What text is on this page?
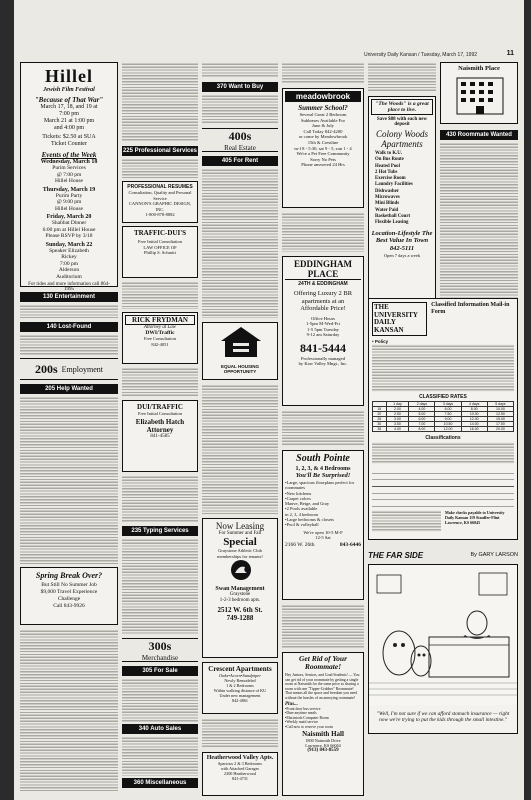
University Daily Kansan / Tuesday, March 17, 1992	11
Hillel
Jewish Film Festival
"Because of That War"
March 17, 18, and 19 at
7:00 pm
March 21 at 1:00 pm
and 4:00 pm
Tickets: $2.50 at SUA
Ticket Counter
Events of the Week
Wednesday, March 18
Purim Services
@ 7:00 pm
Hillel House
Thursday, March 19
Purim Party
@ 9:00 pm
Hillel House
Friday, March 20
Shabbat Dinner
6:00 pm at Hillel House
Please RSVP by 3/18
Sunday, March 22
Speaker Elizabeth
Rickey
7:00 pm
Alderson
Auditorium
For rides and more information call 864-1995
130 Entertainment
140 Lost-Found
200s Employment
205 Help Wanted
Spring Break Over?
But Still No Summer Job
$9,000 Travel Experience
Challenge
Call 843-9926
225 Professional Services
PROFESSIONAL RESUMES
Consultation, Quality and Personal Service
CANNON'S GRAPHIC DESIGN, INC.
1-800-878-8882
TRAFFIC-DUI'S
Free Initial Consultation
LAW OFFICE OF
Phillip S. Schmitt
RICK FRYDMAN
Attorney at Law
DWI/Traffic
Free Consultation
842-4051
DUI/TRAFFIC
Free Initial Consultation
Elizabeth Hatch
Attorney
841-4585
235 Typing Services
300s
Merchandise
305 For Sale
340 Auto Sales
360 Miscellaneous
370 Want to Buy
400s
Real Estate
405 For Rent
EQUAL HOUSING OPPORTUNITY
Now Leasing
For Summer and Fall
Special
Graystone Athletic Club
memberships for tenants!
Swan Management
Graystone
1-2-3 bedroom apts.
2512 W. 6th St.
749-1288
Crescent Apartments
Oaks•Acorn•Sandpiper
Newly Remodeled
1 & 2 Bedrooms
Within walking distance of KU
Under new management
842-4861
Heatherwood Valley Apts.
Spacious 2 & 3 Bedrooms
with Attached Garages
2300 Heatherwood
841-4731
meadowbrook
Summer School?
Several Great 2 Bedroom
Subleases Available For
June & July
Call Today 842-4200
or come by Meadowbrook
15th & Crestline
m-f 8 - 5:30, sat 9 - 5, sun 1 - 4
We're a Pet Free Community
Sorry No Pets
Phone answered 24 Hrs
EDDINGHAM PLACE
24TH & EDDINGHAM
Offering Luxury 2 BR
apartments at an
Affordable Price!
Office Hours
1-5pm M-Wed-Fri
1-5 5pm Tuesday
9-12 am Saturday
841-5444
Professionally managed
by Kaw Valley Mngt., Inc.
South Pointe
1, 2, 3, & 4 Bedrooms
You'll Be Surprised!
•Large, spacious floorplans perfect for roommates
•New kitchens
•Carpet colors
Mauve, Beige, and Gray
•2 Pools available
in 2, 3, 4 bedroom
•Large bedrooms & closets
•Pool & volleyball
We're open 10-5 M-F
12-5 Sat
2166 W. 26th	843-6446
Get Rid of Your Roommate!
Hey Juniors, Seniors, and Grad Students! — You can get rid of your roommate by getting a single room at Naismith for the same price as sharing a room with one "Tipper-Grabber" Roommate! That means all the space and freedom you need without the hassles of an annoying roommate!
Plus...
•Front door bus service
•Dine anytime meals
•Macintosh Computer Room
•Weekly maid service
•Call now to reserve your room
Naismith Hall
1800 Naismith Drive
Lawrence, KS 66044
(913) 843-8559
"The Woods" is a great place to live.
Save $88 with each new deposit
Colony Woods Apartments
Walk to K.U.
On Bus Route
Heated Pool
2 Hot Tubs
Exercise Room
Laundry Facilities
Dishwasher
Microwaves
Mini Blinds
Water Paid
Basketball Court
Flexible Leasing
Location-Lifestyle The Best Value In Town 842-5111
Open 7 days a week
Naismith Place
430 Roommate Wanted
THE UNIVERSITY DAILY KANSAN
Classified Information Mail-in Form
• Policy
CLASSIFIED RATES
	1 day	2 days	3 days	4 days	5 days
15	2.00	4.00	6.00	8.00	10.00
20	2.50	5.00	7.50	10.00	12.50
25	3.00	6.00	9.00	12.00	15.00
30	3.50	7.00	10.50	14.00	17.50
35	4.00	8.00	12.00	16.00	20.00
Classifications
Make checks payable to University Daily Kansan 119 Stauffer-Flint Lawrence, KS 66045
THE FAR SIDE	By GARY LARSON
"Well, I'm not sure if we can afford stomach insurance — right now we're trying to put the kids through the small intestine."
